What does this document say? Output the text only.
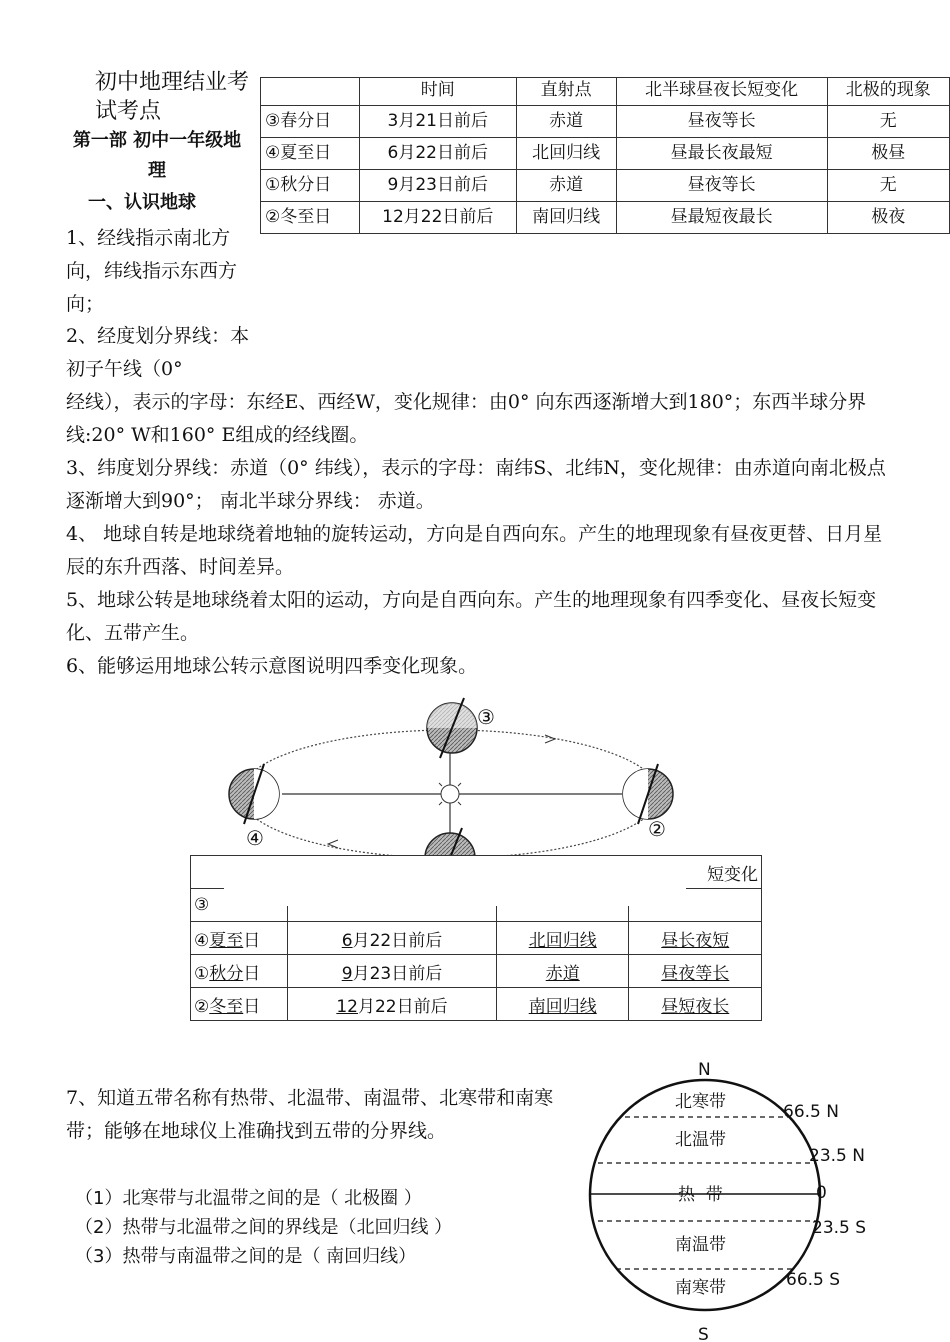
初中地理结业考试考点
第一部 初中一年级地理
一、认识地球
	时间	直射点	北半球昼夜长短变化	北极的现象
③春分日	3月21日前后	赤道	昼夜等长	无
④夏至日	6月22日前后	北回归线	昼最长夜最短	极昼
①秋分日	9月23日前后	赤道	昼夜等长	无
②冬至日	12月22日前后	南回归线	昼最短夜最长	极夜
1、经线指示南北方向，纬线指示东西方向；
2、经度划分界线：本初子午线（0°
经线），表示的字母：东经E、西经W，变化规律：由0° 向东西逐渐增大到180°；东西半球分界线:20° W和160° E组成的经线圈。
3、纬度划分界线：赤道（0° 纬线），表示的字母：南纬S、北纬N，变化规律：由赤道向南北极点逐渐增大到90°； 南北半球分界线： 赤道。
4、 地球自转是地球绕着地轴的旋转运动，方向是自西向东。产生的地理现象有昼夜更替、日月星辰的东升西落、时间差异。
5、地球公转是地球绕着太阳的运动，方向是自西向东。产生的地理现象有四季变化、昼夜长短变化、五带产生。
6、能够运用地球公转示意图说明四季变化现象。
③
②
④
			短变化
③			
④夏至日	6月22日前后	北回归线	昼长夜短
①秋分日	9月23日前后	赤道	昼夜等长
②冬至日	12月22日前后	南回归线	昼短夜长
7、知道五带名称有热带、北温带、南温带、北寒带和南寒带；能够在地球仪上准确找到五带的分界线。
（1）北寒带与北温带之间的是（ 北极圈 ）
（2）热带与北温带之间的界线是（北回归线 ）
（3）热带与南温带之间的是（ 南回归线）
N
S
北寒带
北温带
热  带
南温带
南寒带
66.5 N
23.5 N
0
23.5 S
66.5 S
